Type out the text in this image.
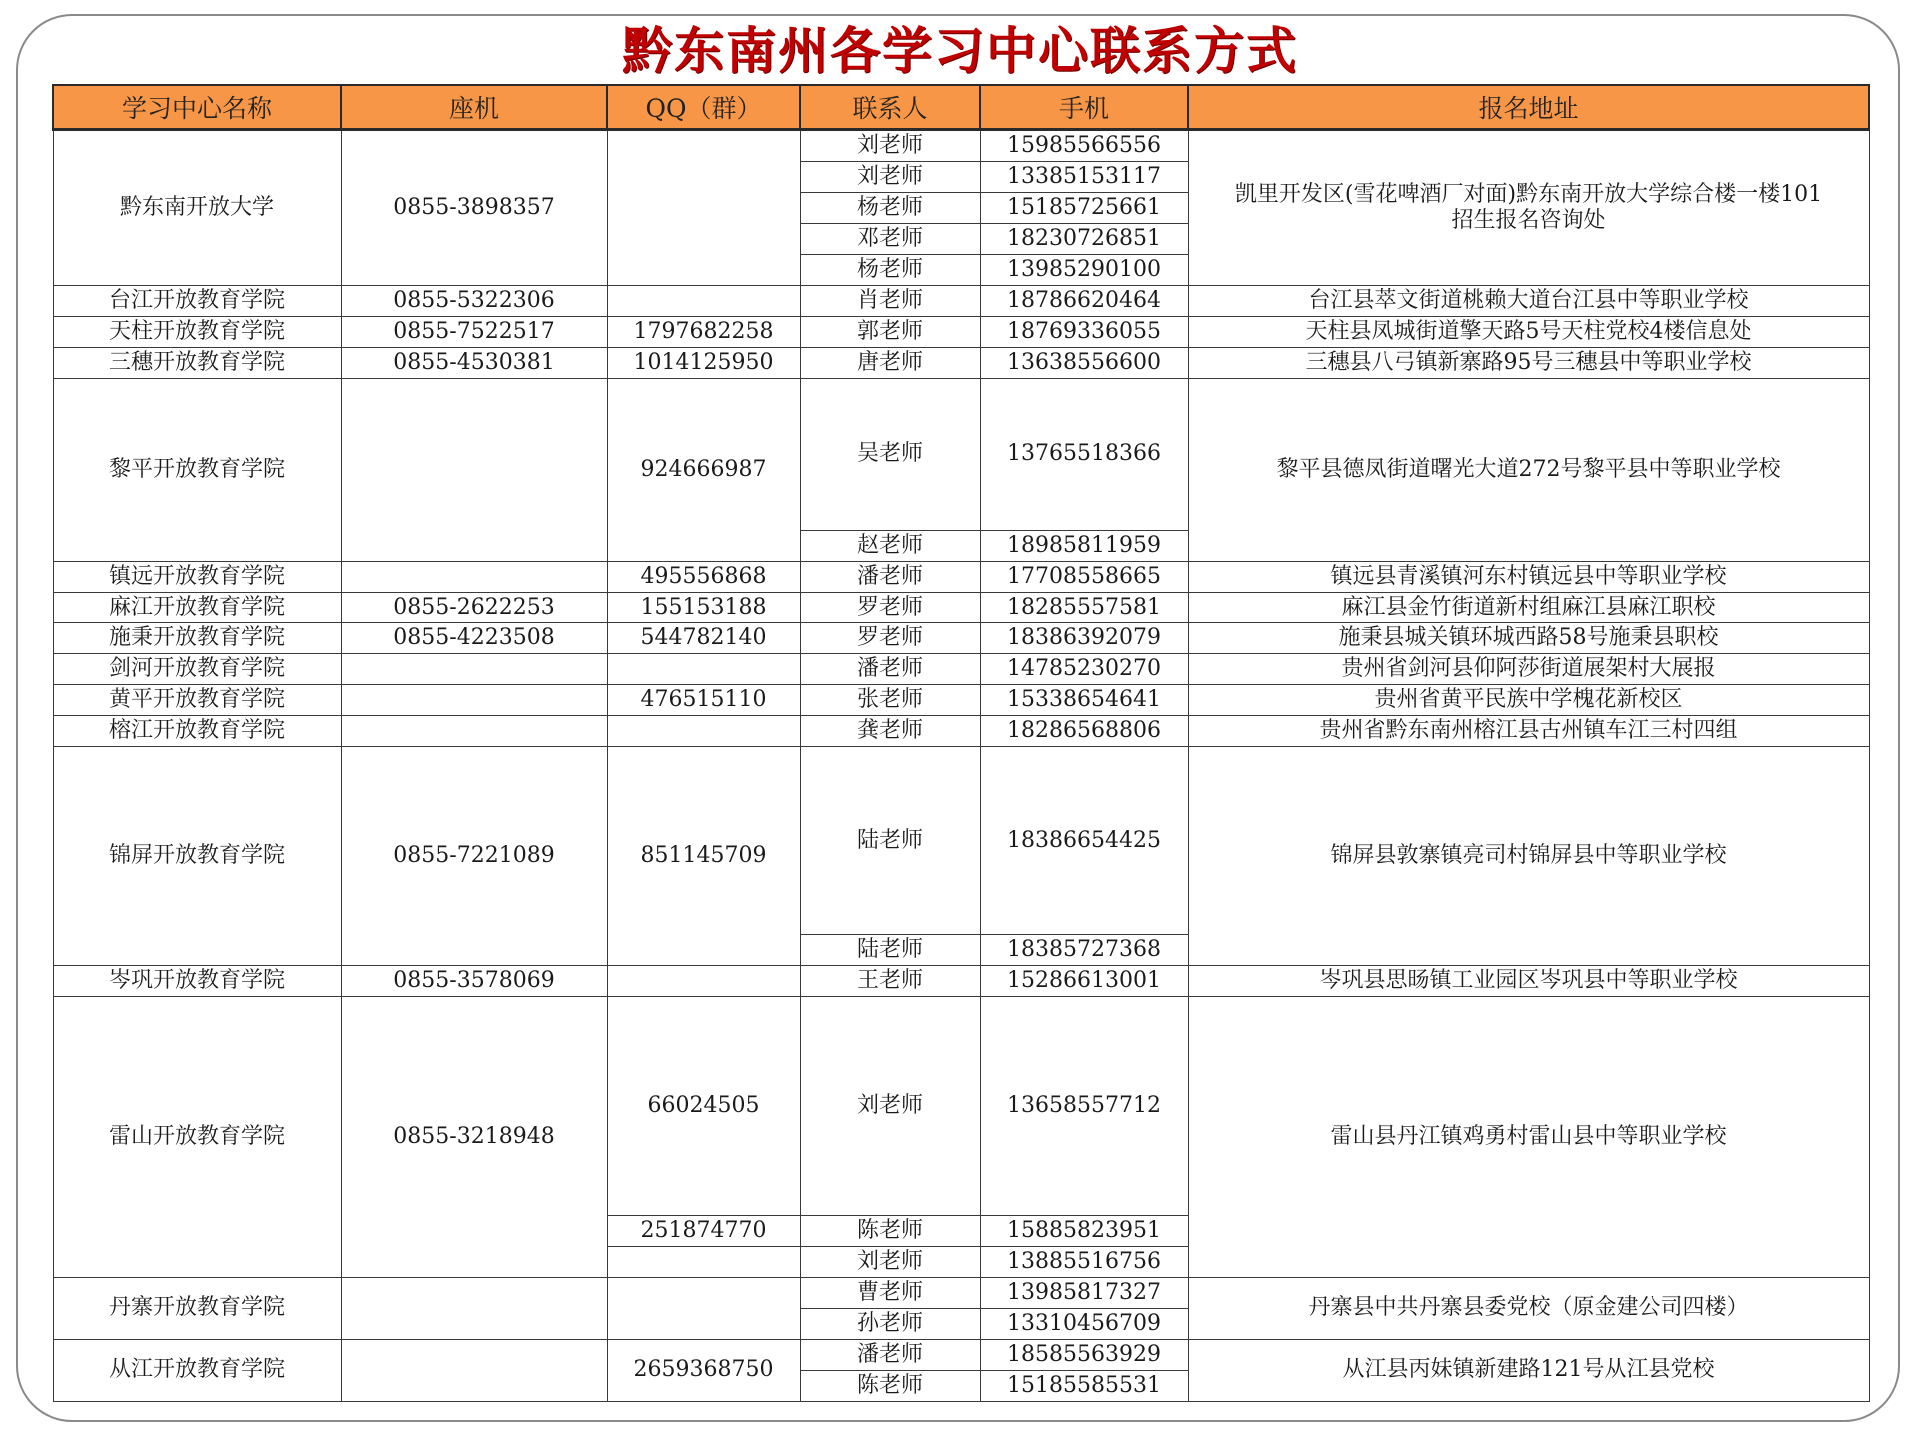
黔东南州各学习中心联系方式
学习中心名称	座机	QQ（群）	联系人	手机	报名地址
黔东南开放大学	0855-3898357		刘老师	15985566556	凯里开发区(雪花啤酒厂对面)黔东南开放大学综合楼一楼101
招生报名咨询处

			刘老师	13385153117	
			杨老师	15185725661	
			邓老师	18230726851	
			杨老师	13985290100	
台江开放教育学院	0855-5322306		肖老师	18786620464	台江县萃文街道桃赖大道台江县中等职业学校
天柱开放教育学院	0855-7522517	1797682258	郭老师	18769336055	天柱县凤城街道擎天路5号天柱党校4楼信息处
三穗开放教育学院	0855-4530381	1014125950	唐老师	13638556600	三穗县八弓镇新寨路95号三穗县中等职业学校
黎平开放教育学院		924666987	吴老师	13765518366	黎平县德凤街道曙光大道272号黎平县中等职业学校
			赵老师	18985811959	
镇远开放教育学院		495556868	潘老师	17708558665	镇远县青溪镇河东村镇远县中等职业学校
麻江开放教育学院	0855-2622253	155153188	罗老师	18285557581	麻江县金竹街道新村组麻江县麻江职校
施秉开放教育学院	0855-4223508	544782140	罗老师	18386392079	施秉县城关镇环城西路58号施秉县职校
剑河开放教育学院			潘老师	14785230270	贵州省剑河县仰阿莎街道展架村大展报
黄平开放教育学院		476515110	张老师	15338654641	贵州省黄平民族中学槐花新校区
榕江开放教育学院			龚老师	18286568806	贵州省黔东南州榕江县古州镇车江三村四组
锦屏开放教育学院	0855-7221089	851145709	陆老师	18386654425	锦屏县敦寨镇亮司村锦屏县中等职业学校
			陆老师	18385727368	
岑巩开放教育学院	0855-3578069		王老师	15286613001	岑巩县思旸镇工业园区岑巩县中等职业学校
雷山开放教育学院	0855-3218948	66024505	刘老师	13658557712	雷山县丹江镇鸡勇村雷山县中等职业学校
		251874770	陈老师	15885823951	
			刘老师	13885516756	
丹寨开放教育学院			曹老师	13985817327	丹寨县中共丹寨县委党校（原金建公司四楼）
			孙老师	13310456709	
从江开放教育学院		2659368750	潘老师	18585563929	从江县丙妹镇新建路121号从江县党校
			陈老师	15185585531	
